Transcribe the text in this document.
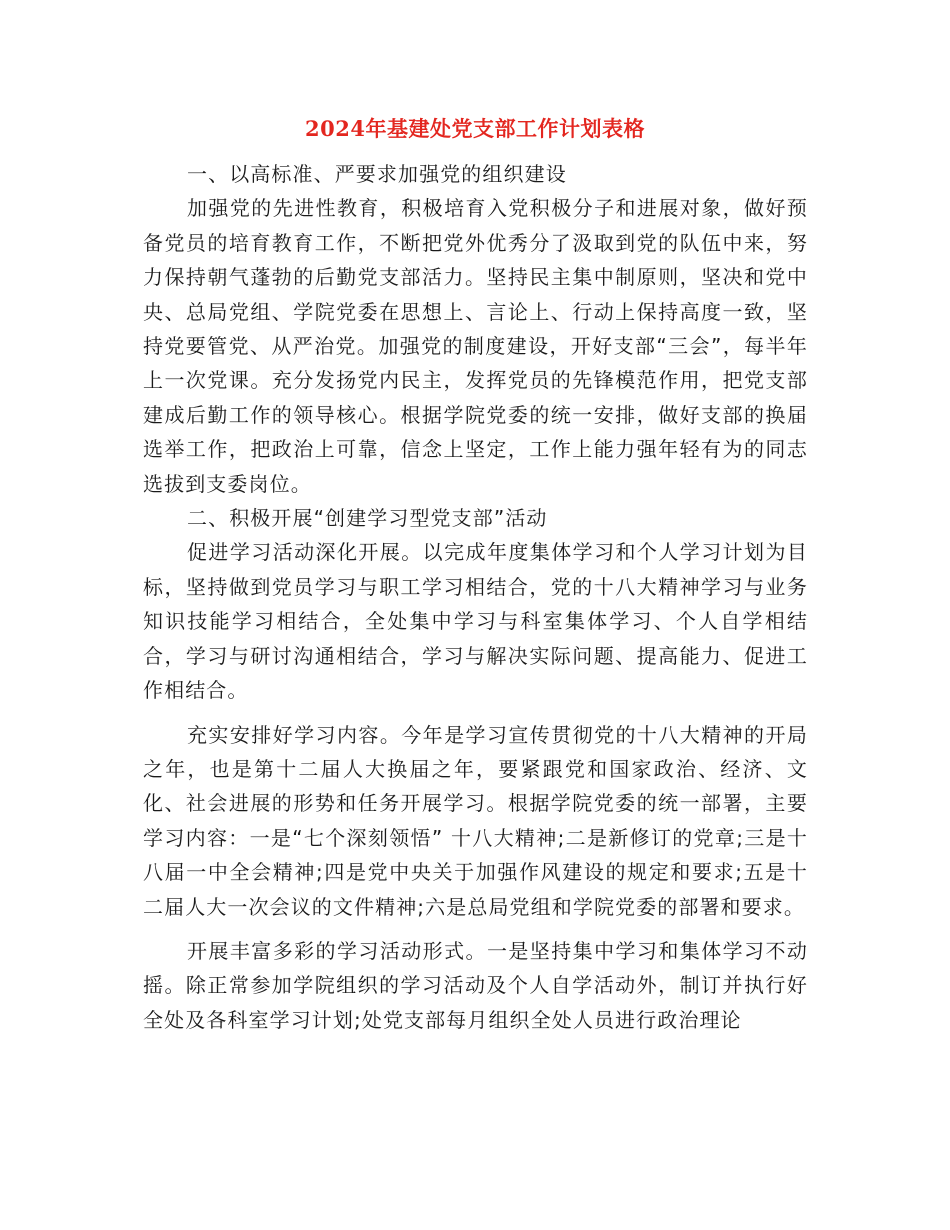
2024年基建处党支部工作计划表格

一、以高标准、严要求加强党的组织建设

加强党的先进性教育，积极培育入党积极分子和进展对象，做好预备党员的培育教育工作，不断把党外优秀分了汲取到党的队伍中来，努力保持朝气蓬勃的后勤党支部活力。坚持民主集中制原则，坚决和党中央、总局党组、学院党委在思想上、言论上、行动上保持高度一致，坚持党要管党、从严治党。加强党的制度建设，开好支部“三会”，每半年上一次党课。充分发扬党内民主，发挥党员的先锋模范作用，把党支部建成后勤工作的领导核心。根据学院党委的统一安排，做好支部的换届选举工作，把政治上可靠，信念上坚定，工作上能力强年轻有为的同志选拔到支委岗位。

二、积极开展“创建学习型党支部”活动

促进学习活动深化开展。以完成年度集体学习和个人学习计划为目标，坚持做到党员学习与职工学习相结合，党的十八大精神学习与业务知识技能学习相结合，全处集中学习与科室集体学习、个人自学相结合，学习与研讨沟通相结合，学习与解决实际问题、提高能力、促进工作相结合。

充实安排好学习内容。今年是学习宣传贯彻党的十八大精神的开局之年，也是第十二届人大换届之年，要紧跟党和国家政治、经济、文化、社会进展的形势和任务开展学习。根据学院党委的统一部署，主要学习内容：一是“七个深刻领悟” 十八大精神;二是新修订的党章;三是十八届一中全会精神;四是党中央关于加强作风建设的规定和要求;五是十二届人大一次会议的文件精神;六是总局党组和学院党委的部署和要求。

开展丰富多彩的学习活动形式。一是坚持集中学习和集体学习不动摇。除正常参加学院组织的学习活动及个人自学活动外，制订并执行好全处及各科室学习计划;处党支部每月组织全处人员进行政治理论
